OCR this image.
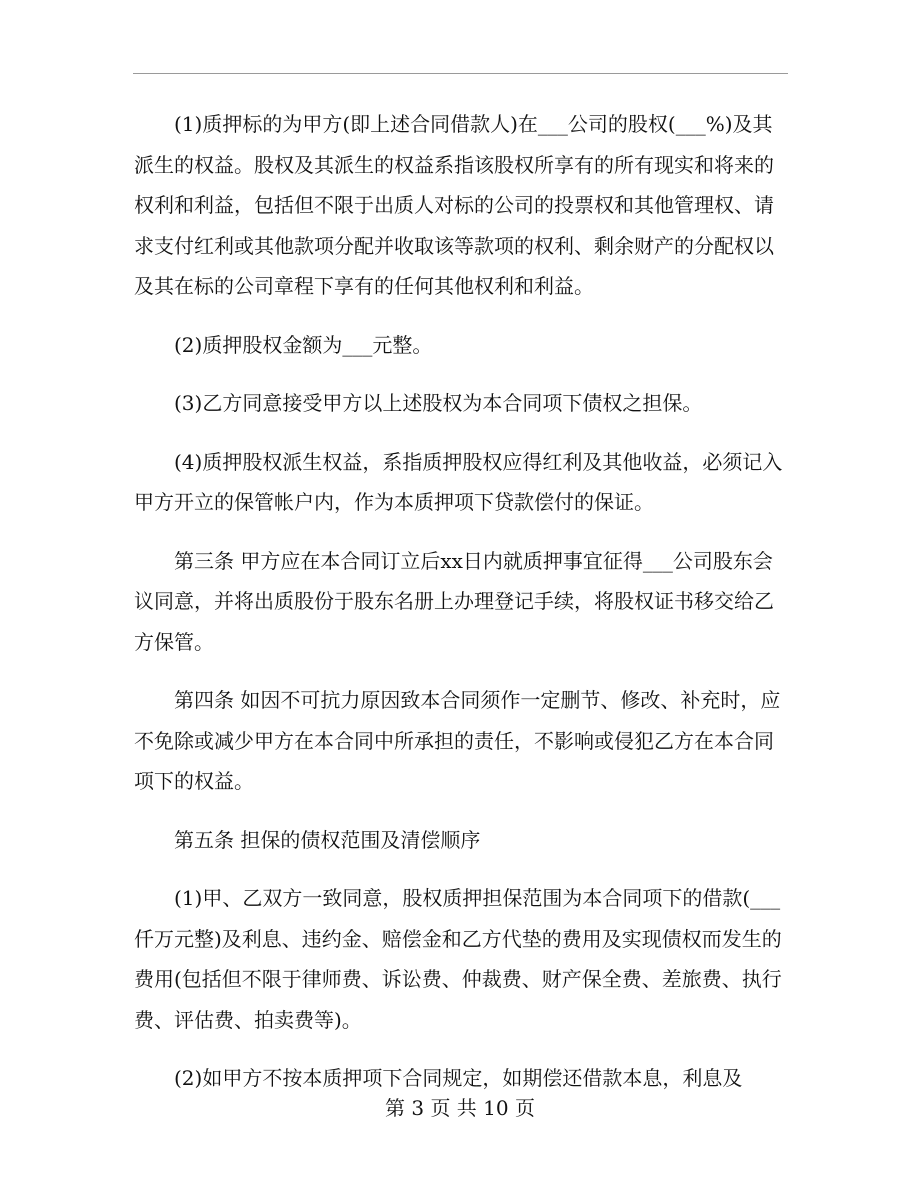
(1)质押标的为甲方(即上述合同借款人)在___公司的股权(___%)及其派生的权益。股权及其派生的权益系指该股权所享有的所有现实和将来的权利和利益，包括但不限于出质人对标的公司的投票权和其他管理权、请求支付红利或其他款项分配并收取该等款项的权利、剩余财产的分配权以及其在标的公司章程下享有的任何其他权利和利益。

(2)质押股权金额为___元整。

(3)乙方同意接受甲方以上述股权为本合同项下债权之担保。

(4)质押股权派生权益，系指质押股权应得红利及其他收益，必须记入甲方开立的保管帐户内，作为本质押项下贷款偿付的保证。

第三条 甲方应在本合同订立后xx日内就质押事宜征得___公司股东会议同意，并将出质股份于股东名册上办理登记手续，将股权证书移交给乙方保管。

第四条 如因不可抗力原因致本合同须作一定删节、修改、补充时，应不免除或减少甲方在本合同中所承担的责任，不影响或侵犯乙方在本合同项下的权益。

第五条 担保的债权范围及清偿顺序

(1)甲、乙双方一致同意，股权质押担保范围为本合同项下的借款(___仟万元整)及利息、违约金、赔偿金和乙方代垫的费用及实现债权而发生的费用(包括但不限于律师费、诉讼费、仲裁费、财产保全费、差旅费、执行费、评估费、拍卖费等)。

(2)如甲方不按本质押项下合同规定，如期偿还借款本息，利息及

第 3 页 共 10 页
